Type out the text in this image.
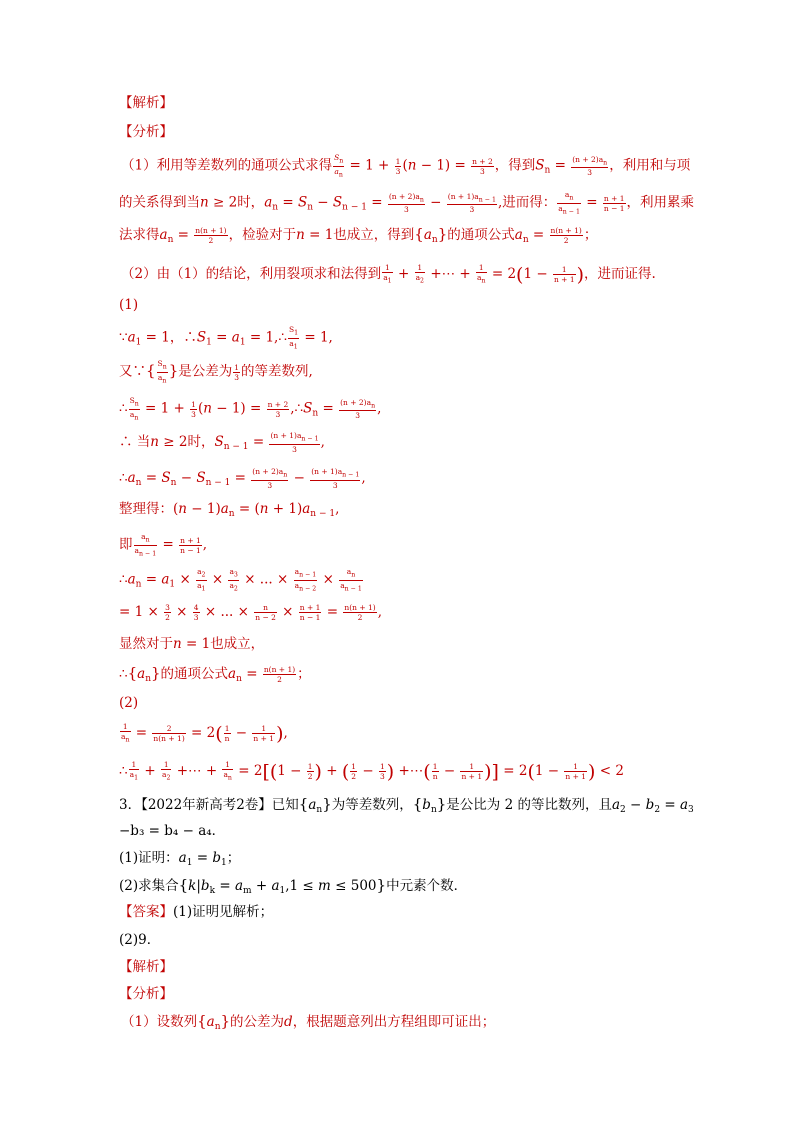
【解析】
【分析】
（1）利用等差数列的通项公式求得 $\frac{S_n}{a_n} = 1 + \frac{1}{3} (n - 1) = \frac{n + 2}{3}$ ，得到$S_n = \frac{(n + 2)a_n}{3}$ ，利用和与项
的关系得到当n ≥ 2时，$a_n = S_n - S_{n - 1} = \frac{(n + 2)a_n}{3} - \frac{(n + 1)a_{n - 1}}{3}$ ,进而得： $\frac{a_n}{a_{n - 1}} = \frac{n + 1}{n - 1}$ ，利用累乘
法求得$a_n = \frac{n(n + 1)}{2}$ ，检验对于n = 1也成立，得到$\{a_n\}$的通项公式$a_n = \frac{n(n + 1)}{2}$ ；
（2）由（1）的结论，利用裂项求和法得到 $\frac{1}{a_1} + \frac{1}{a_2}$ +⋯ + $\frac{1}{a_n} = 2(1 - \frac{1}{n + 1}$ )，进而证得.
(1)
$\because a_1 = 1$，$\therefore S_1 = a_1$ = 1,∴ $\frac{S_1}{a_1} = 1$,
又∵{ $\frac{S_n}{a_n}$ }是公差为 $\frac{1}{3}$ 的等差数列,
∴ $\frac{S_n}{a_n} = 1 + \frac{1}{3} (n - 1) = \frac{n + 2}{3}$ $,\therefore S_n = \frac{(n + 2)a_n}{3}$ ,
∴ 当n ≥ 2时，$S_{n - 1} = \frac{(n + 1)a_{n - 1}}{3}$ ,
$\therefore a_n = S_n - S_{n - 1} = \frac{(n + 2)a_n}{3} - \frac{(n + 1)a_{n - 1}}{3}$ ,
整理得：$(n - 1)a_n = (n + 1)a_{n - 1}$,
即 $\frac{a_n}{a_{n - 1}} = \frac{n + 1}{n - 1}$ ,
$\therefore a_n = a_1 \times \frac{a_2}{a_1} \times \frac{a_3}{a_2}$ × ... × $\frac{a_{n - 1}}{a_{n - 2}} \times \frac{a_n}{a_{n - 1}}$
= $1 \times \frac{3}{2} \times \frac{4}{3}$ × ... × $\frac{n}{n - 2} \times \frac{n + 1}{n - 1} = \frac{n(n + 1)}{2}$ ,
显然对于n = 1也成立，
$\therefore\{a_n\}$的通项公式$a_n = \frac{n(n + 1)}{2}$ ；
(2)
$\frac{1}{a_n} = \frac{2}{n(n + 1)} = 2( \frac{1}{n} - \frac{1}{n + 1}$ ),
∴ $\frac{1}{a_1} + \frac{1}{a_2}$ +⋯ + $\frac{1}{a_n} = 2[(1 - \frac{1}{2}$ ) + ( $\frac{1}{2} - \frac{1}{3}$ ) +⋯( $\frac{1}{n} - \frac{1}{n + 1}$ )] = $2(1 - \frac{1}{n + 1}$ ) < 2
3．【2022年新高考2卷】已知$\{a_n\}$为等差数列，$\{b_n\}$是公比为 2 的等比数列，且$a_2 - b_2 = a_3$
−b₃ = b₄ − a₄．
(1)证明：$a_1 = b_1$；
(2)求集合$\{k|b_k = a_m + a_1,1 \le m \le 500\}$中元素个数．
【答案】(1)证明见解析；
(2)9．
【解析】
【分析】
（1）设数列$\{a_n\}$的公差为d，根据题意列出方程组即可证出；
